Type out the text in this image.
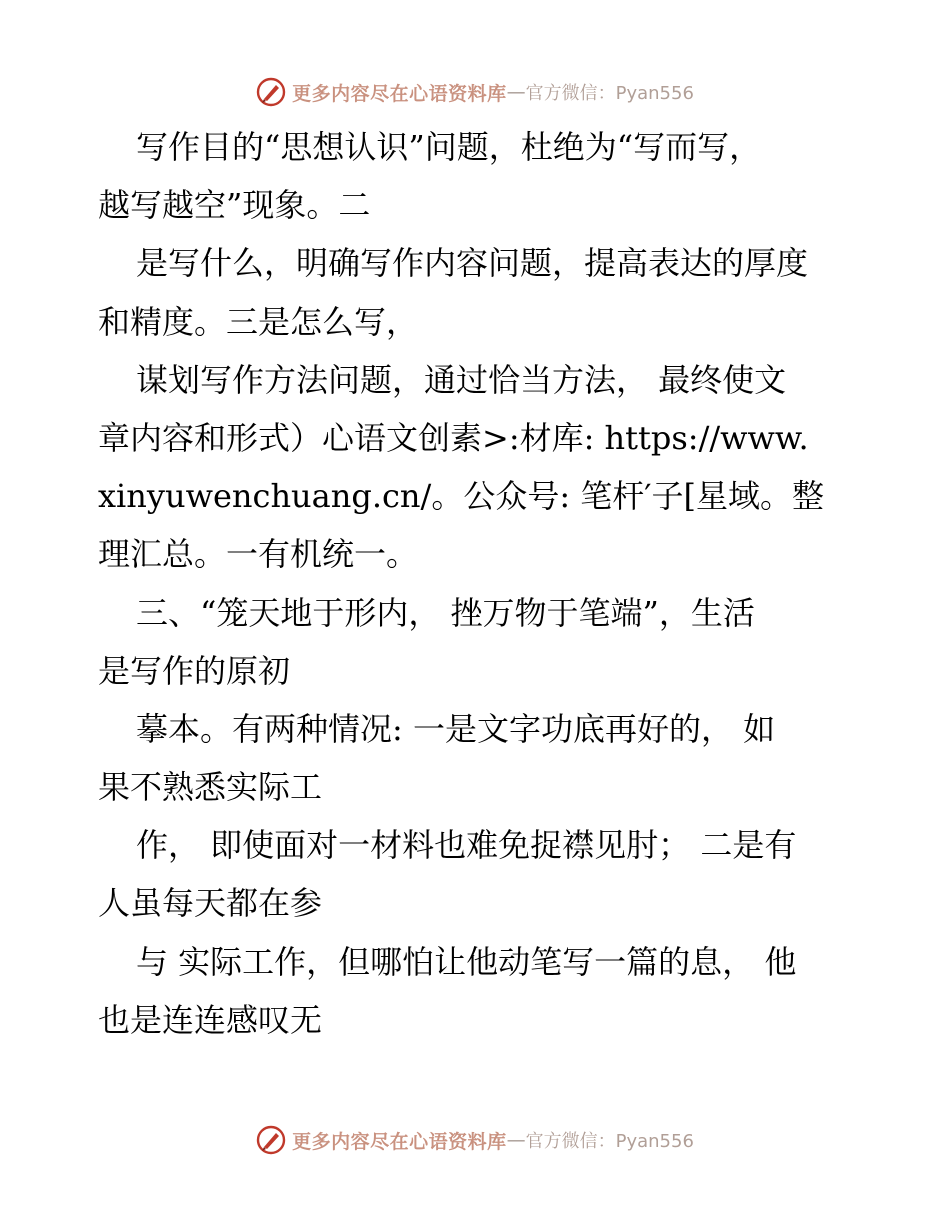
更多内容尽在心语资料库 — 官方微信：Pyan556
写作目的“思想认识”问题，杜绝为“写而写，
越写越空”现象。二
是写什么，明确写作内容问题，提高表达的厚度
和精度。三是怎么写，
谋划写作方法问题，通过恰当方法， 最终使文
章内容和形式）心语文创素>:材库: https://www.
xinyuwenchuang.cn/。公众号: 笔杆′子[星域。整
理汇总。一有机统一。
三、“笼天地于形内， 挫万物于笔端”，生活
是写作的原初
摹本。有两种情况: 一是文字功底再好的， 如
果不熟悉实际工
作， 即使面对一材料也难免捉襟见肘； 二是有
人虽每天都在参
与 实际工作，但哪怕让他动笔写一篇的息， 他
也是连连感叹无
更多内容尽在心语资料库 — 官方微信：Pyan556
